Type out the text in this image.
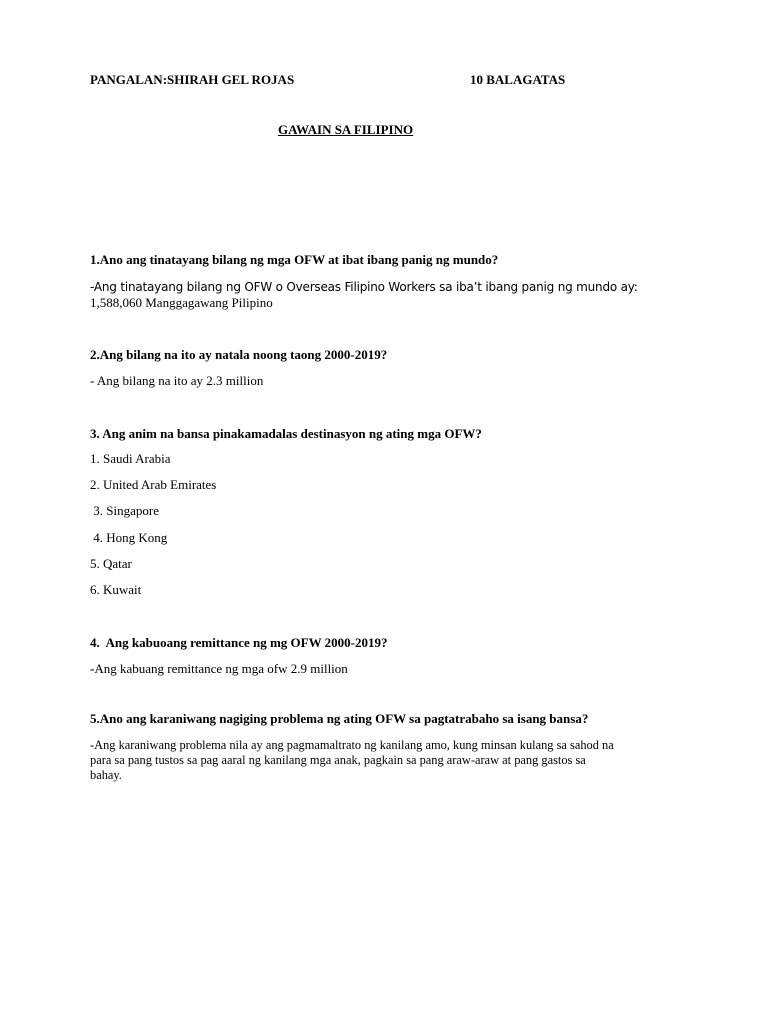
PANGALAN:SHIRAH GEL ROJAS	10 BALAGATAS

GAWAIN SA FILIPINO

1.Ano ang tinatayang bilang ng mga OFW at ibat ibang panig ng mundo?

-Ang tinatayang bilang ng OFW o Overseas Filipino Workers sa iba’t ibang panig ng mundo ay:

1,588,060 Manggagawang Pilipino

2.Ang bilang na ito ay natala noong taong 2000-2019?

- Ang bilang na ito ay 2.3 million

3. Ang anim na bansa pinakamadalas destinasyon ng ating mga OFW?

1. Saudi Arabia

2. United Arab Emirates

3. Singapore

4. Hong Kong

5. Qatar

6. Kuwait

4.  Ang kabuoang remittance ng mg OFW 2000-2019?

-Ang kabuang remittance ng mga ofw 2.9 million

5.Ano ang karaniwang nagiging problema ng ating OFW sa pagtatrabaho sa isang bansa?

-Ang karaniwang problema nila ay ang pagmamaltrato ng kanilang amo, kung minsan kulang sa sahod na

para sa pang tustos sa pag aaral ng kanilang mga anak, pagkain sa pang araw-araw at pang gastos sa

bahay.
